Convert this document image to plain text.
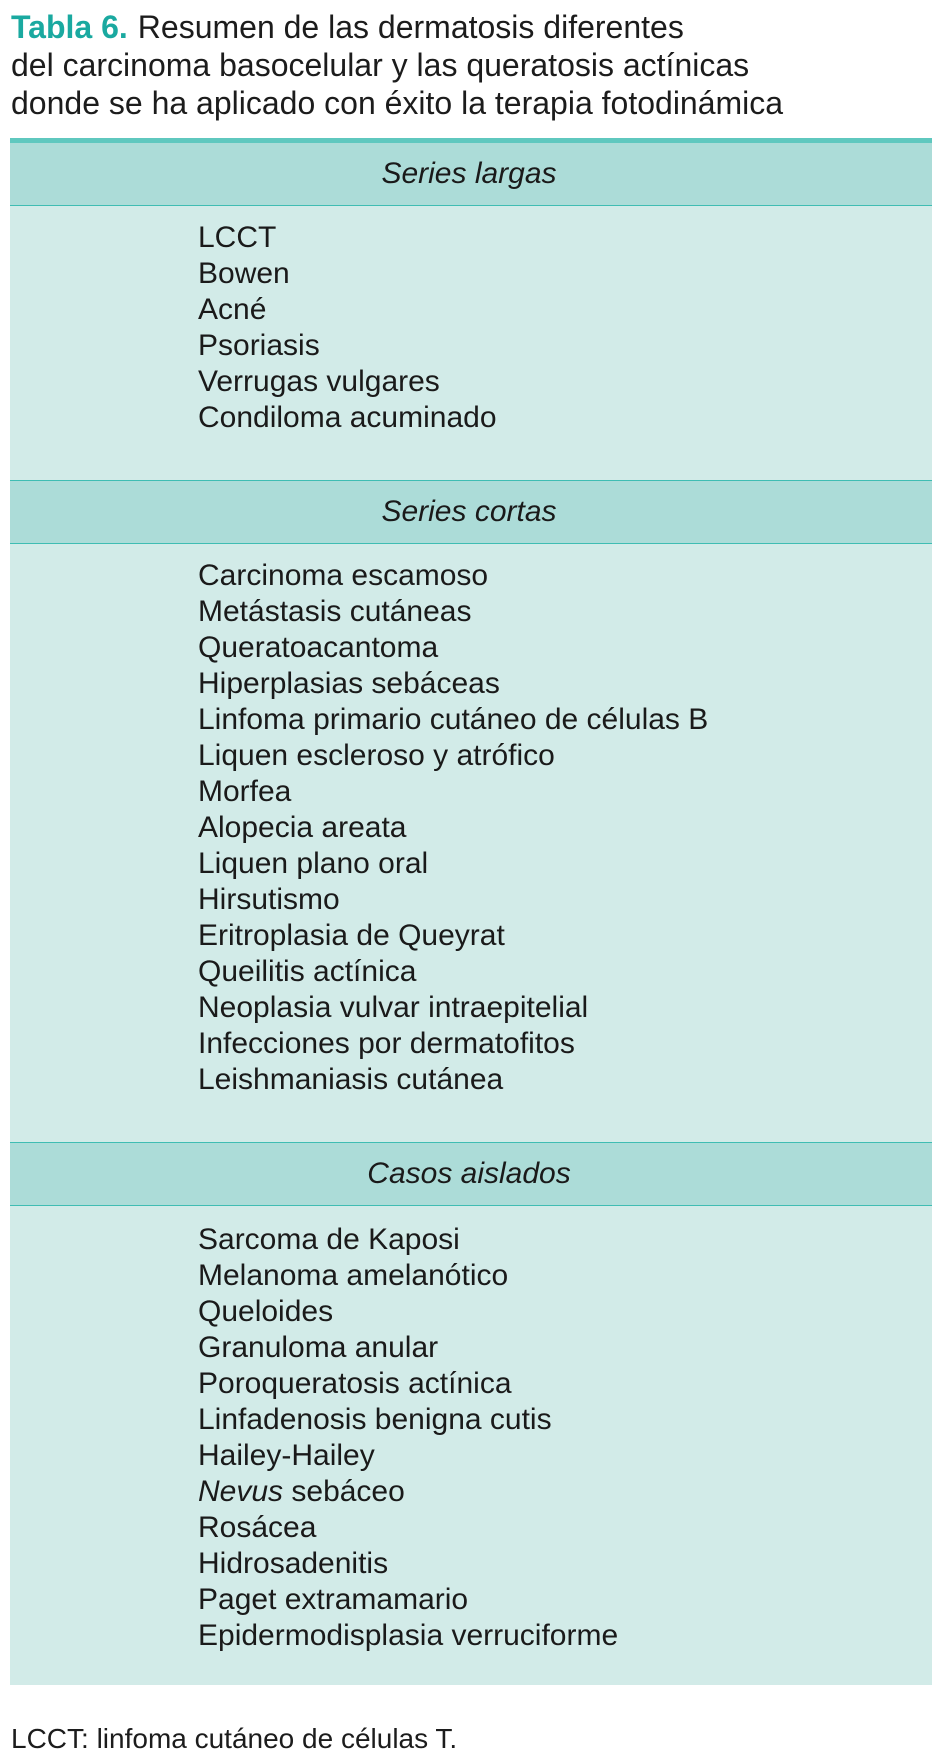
Tabla 6. Resumen de las dermatosis diferentes
del carcinoma basocelular y las queratosis actínicas
donde se ha aplicado con éxito la terapia fotodinámica
Series largas
LCCT
Bowen
Acné
Psoriasis
Verrugas vulgares
Condiloma acuminado
Series cortas
Carcinoma escamoso
Metástasis cutáneas
Queratoacantoma
Hiperplasias sebáceas
Linfoma primario cutáneo de células B
Liquen escleroso y atrófico
Morfea
Alopecia areata
Liquen plano oral
Hirsutismo
Eritroplasia de Queyrat
Queilitis actínica
Neoplasia vulvar intraepitelial
Infecciones por dermatofitos
Leishmaniasis cutánea
Casos aislados
Sarcoma de Kaposi
Melanoma amelanótico
Queloides
Granuloma anular
Poroqueratosis actínica
Linfadenosis benigna cutis
Hailey-Hailey
Nevus sebáceo
Rosácea
Hidrosadenitis
Paget extramamario
Epidermodisplasia verruciforme
LCCT: linfoma cutáneo de células T.
